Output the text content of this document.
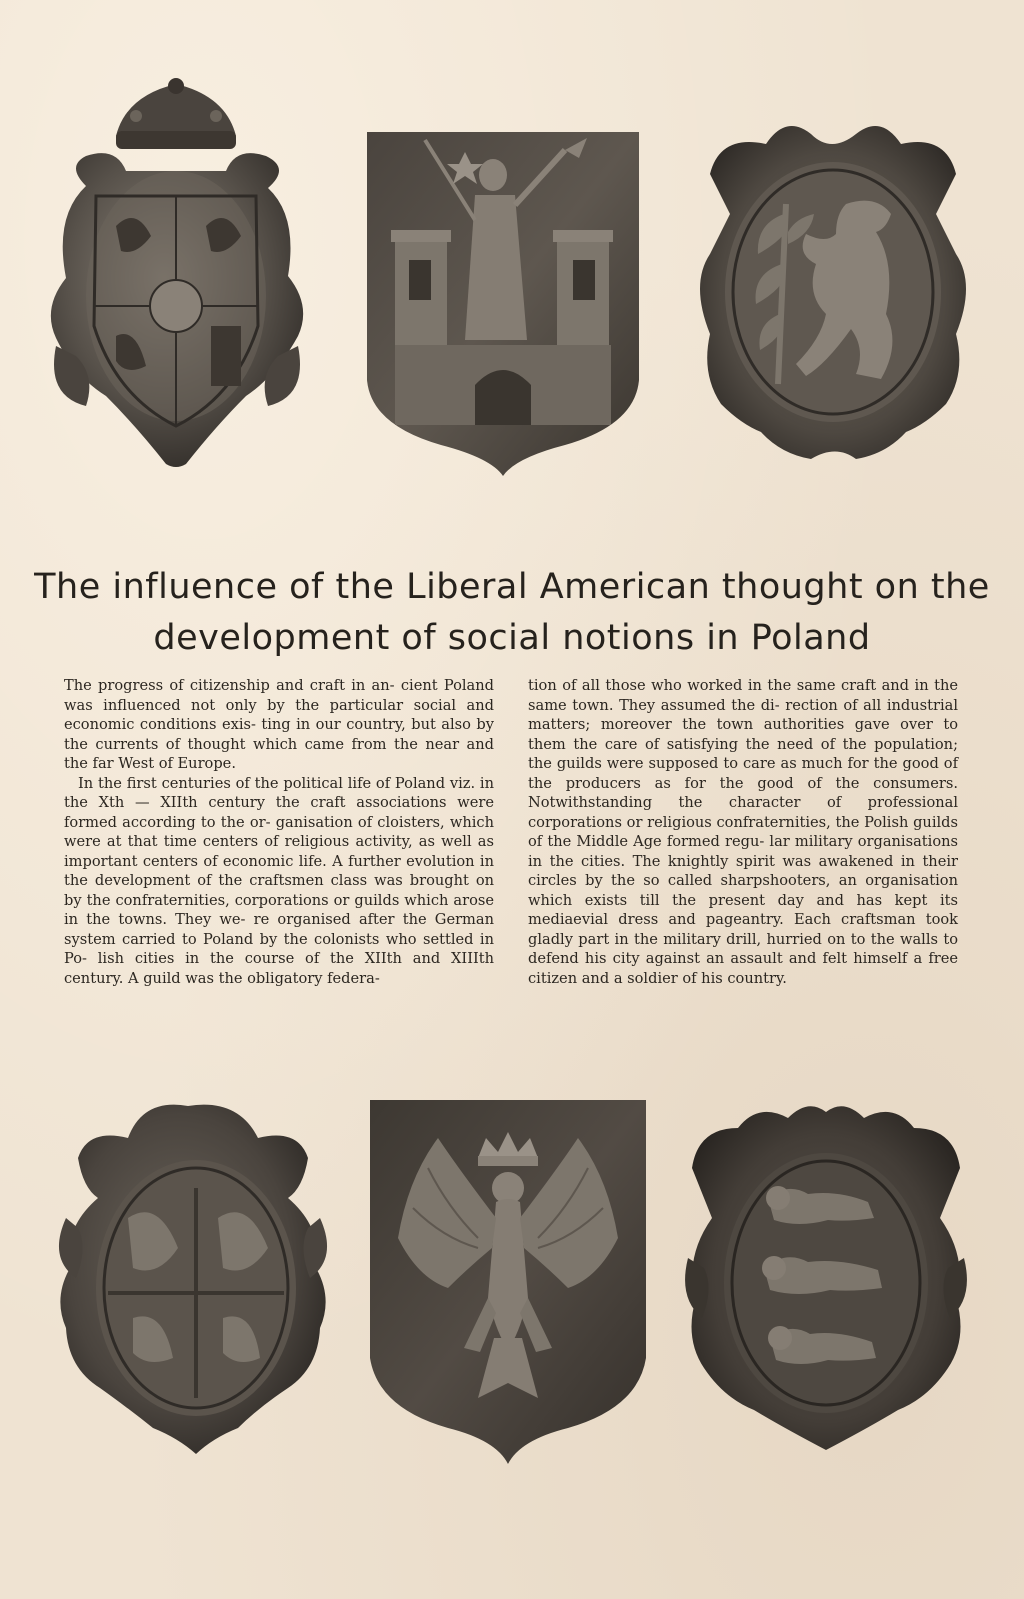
The influence of the Liberal American thought on the
development of social notions in Poland

The progress of citizenship and craft in an‐ cient Poland was influenced not only by the particular social and economic conditions exis‐ ting in our country, but also by the currents of thought which came from the near and the far West of Europe.

In the first centuries of the political life of Poland viz. in the Xth — XIIth century the craft associations were formed according to the or‐ ganisation of cloisters, which were at that time centers of religious activity, as well as important centers of economic life. A further evolution in the development of the craftsmen class was brought on by the confraternities, corporations or guilds which arose in the towns. They we‐ re organised after the German system carried to Poland by the colonists who settled in Po‐ lish cities in the course of the XIIth and XIIIth century. A guild was the obligatory federa‐

tion of all those who worked in the same craft and in the same town. They assumed the di‐ rection of all industrial matters; moreover the town authorities gave over to them the care of satisfying the need of the population; the guilds were supposed to care as much for the good of the producers as for the good of the consumers. Notwithstanding the character of professional corporations or religious confraternities, the Polish guilds of the Middle Age formed regu‐ lar military organisations in the cities. The knightly spirit was awakened in their circles by the so called sharpshooters, an organisation which exists till the present day and has kept its mediaevial dress and pageantry. Each craftsman took gladly part in the military drill, hurried on to the walls to defend his city against an assault and felt himself a free citizen and a soldier of his country.
